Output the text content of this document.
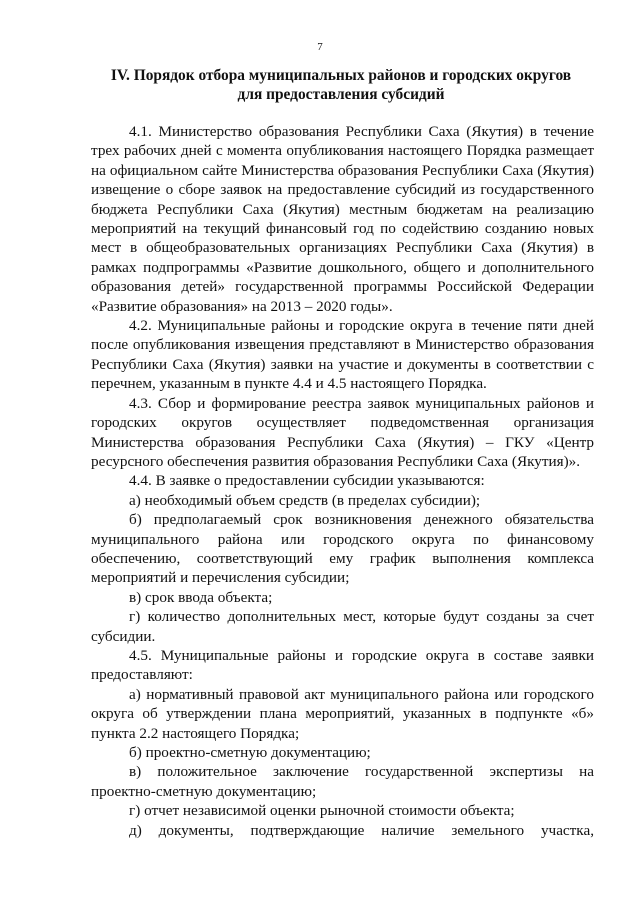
7
IV. Порядок отбора муниципальных районов и городских округов
для предоставления субсидий

4.1. Министерство образования Республики Саха (Якутия) в течение
трех рабочих дней с момента опубликования настоящего Порядка размещает
на официальном сайте Министерства образования Республики Саха (Якутия)
извещение о сборе заявок на предоставление субсидий из государственного
бюджета Республики Саха (Якутия) местным бюджетам на реализацию
мероприятий на текущий финансовый год по содействию созданию новых
мест в общеобразовательных организациях Республики Саха (Якутия) в
рамках подпрограммы «Развитие дошкольного, общего и дополнительного
образования детей» государственной программы Российской Федерации
«Развитие образования» на 2013 – 2020 годы».

4.2. Муниципальные районы и городские округа в течение пяти дней
после опубликования извещения представляют в Министерство образования
Республики Саха (Якутия) заявки на участие и документы в соответствии с
перечнем, указанным в пункте 4.4 и 4.5 настоящего Порядка.

4.3. Сбор и формирование реестра заявок муниципальных районов и
городских округов осуществляет подведомственная организация
Министерства образования Республики Саха (Якутия) – ГКУ «Центр
ресурсного обеспечения развития образования Республики Саха (Якутия)».

4.4. В заявке о предоставлении субсидии указываются:

а) необходимый объем средств (в пределах субсидии);

б) предполагаемый срок возникновения денежного обязательства
муниципального района или городского округа по финансовому
обеспечению, соответствующий ему график выполнения комплекса
мероприятий и перечисления субсидии;

в) срок ввода объекта;

г) количество дополнительных мест, которые будут созданы за счет
субсидии.

4.5. Муниципальные районы и городские округа в составе заявки
предоставляют:

а) нормативный правовой акт муниципального района или городского
округа об утверждении плана мероприятий, указанных в подпункте «б»
пункта 2.2 настоящего Порядка;

б) проектно-сметную документацию;

в) положительное заключение государственной экспертизы на
проектно-сметную документацию;

г) отчет независимой оценки рыночной стоимости объекта;

д) документы, подтверждающие наличие земельного участка,
